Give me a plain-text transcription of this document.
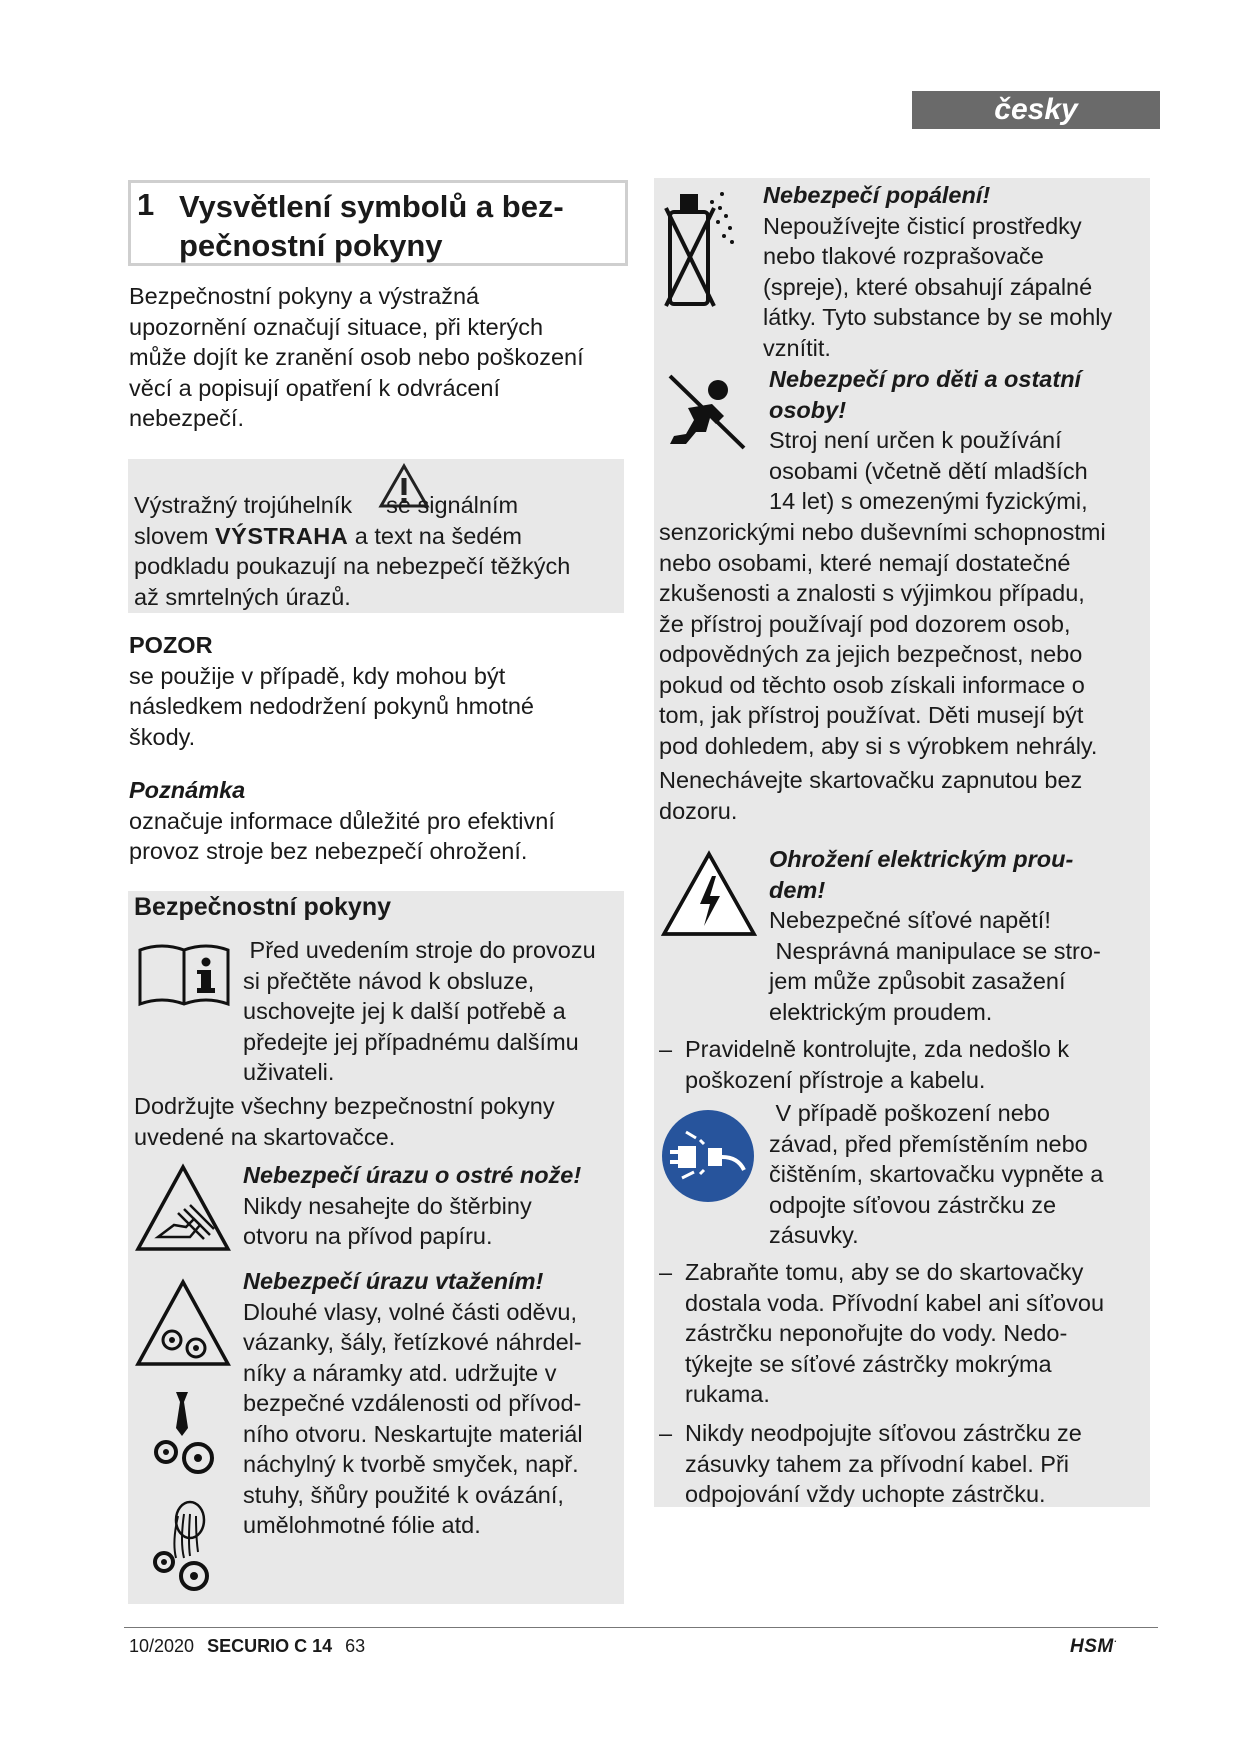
česky
1 Vysvětlení symbolů a bez-
pečnostní pokyny
Bezpečnostní pokyny a výstražná
upozornění označují situace, při kterých
může dojít ke zranění osob nebo poškození
věcí a popisují opatření k odvrácení
nebezpečí.
Výstražný trojúhelník se signálním
slovem VÝSTRAHA a text na šedém
podkladu poukazují na nebezpečí těžkých
až smrtelných úrazů.
POZOR
se použije v případě, kdy mohou být
následkem nedodržení pokynů hmotné
škody.
Poznámka
označuje informace důležité pro efektivní
provoz stroje bez nebezpečí ohrožení.
Bezpečnostní pokyny
Před uvedením stroje do provozu
si přečtěte návod k obsluze,
uschovejte jej k další potřebě a
předejte jej případnému dalšímu
uživateli.
Dodržujte všechny bezpečnostní pokyny
uvedené na skartovačce.
Nebezpečí úrazu o ostré nože!
Nikdy nesahejte do štěrbiny
otvoru na přívod papíru.
Nebezpečí úrazu vtažením!
Dlouhé vlasy, volné části oděvu,
vázanky, šály, řetízkové náhrdel-
níky a náramky atd. udržujte v
bezpečné vzdálenosti od přívod-
ního otvoru. Neskartujte materiál
náchylný k tvorbě smyček, např.
stuhy, šňůry použité k ovázání,
umělohmotné fólie atd.
Nebezpečí popálení!
Nepoužívejte čisticí prostředky
nebo tlakové rozprašovače
(spreje), které obsahují zápalné
látky. Tyto substance by se mohly
vznítit.
Nebezpečí pro děti a ostatní
osoby!
Stroj není určen k používání
osobami (včetně dětí mladších
14 let) s omezenými fyzickými,
senzorickými nebo duševními schopnostmi
nebo osobami, které nemají dostatečné
zkušenosti a znalosti s výjimkou případu,
že přístroj používají pod dozorem osob,
odpovědných za jejich bezpečnost, nebo
pokud od těchto osob získali informace o
tom, jak přístroj používat. Děti musejí být
pod dohledem, aby si s výrobkem nehrály.
Nenechávejte skartovačku zapnutou bez
dozoru.
Ohrožení elektrickým prou-
dem!
Nebezpečné síťové napětí!
Nesprávná manipulace se stro-
jem může způsobit zasažení
elektrickým proudem.
– Pravidelně kontrolujte, zda nedošlo k
poškození přístroje a kabelu.
V případě poškození nebo
závad, před přemístěním nebo
čištěním, skartovačku vypněte a
odpojte síťovou zástrčku ze
zásuvky.
– Zabraňte tomu, aby se do skartovačky
dostala voda. Přívodní kabel ani síťovou
zástrčku neponořujte do vody. Nedo-
týkejte se síťové zástrčky mokrýma
rukama.
– Nikdy neodpojujte síťovou zástrčku ze
zásuvky tahem za přívodní kabel. Při
odpojování vždy uchopte zástrčku.
10/2020 SECURIO C 14 63	HSM·
